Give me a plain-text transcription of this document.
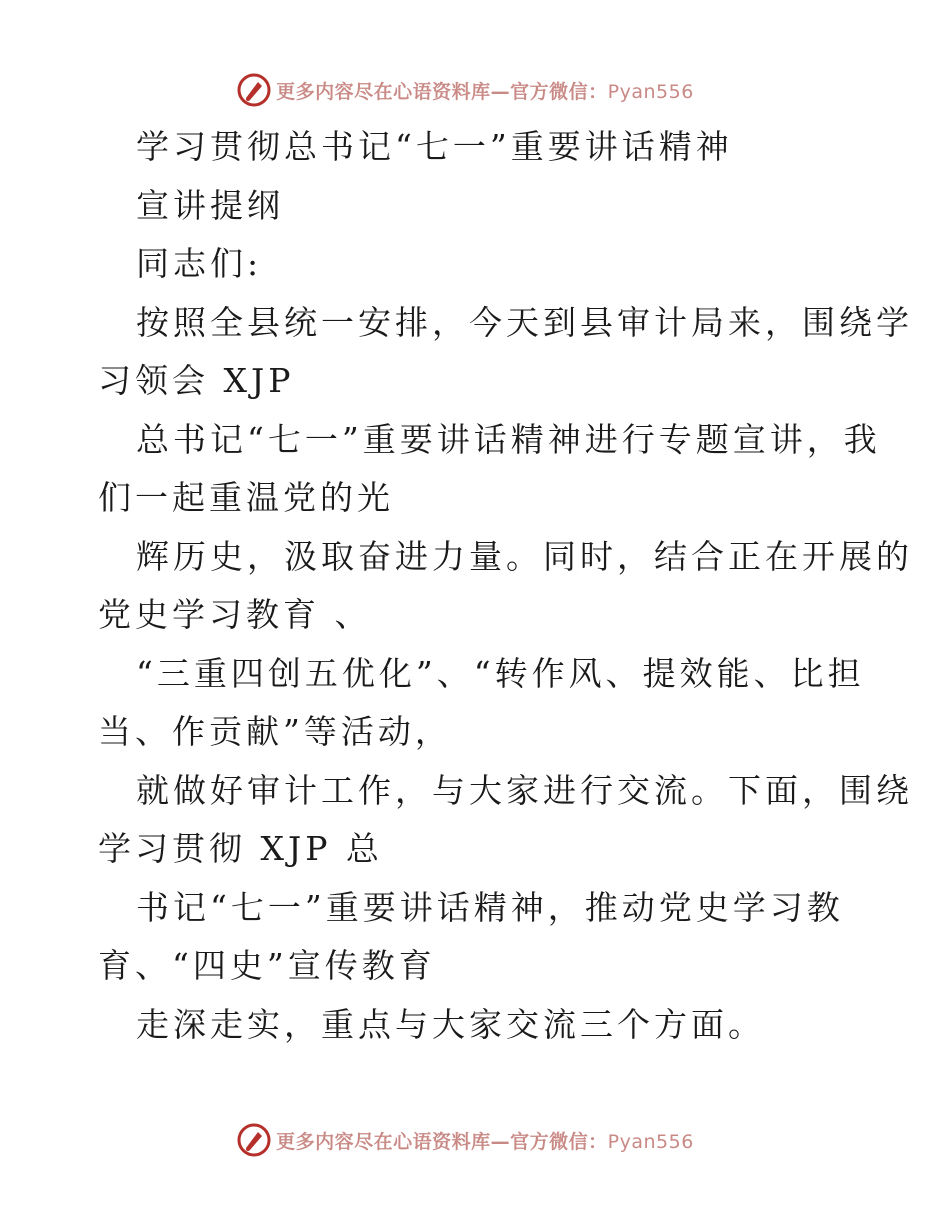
更多内容尽在心语资料库—官方微信：Pyan556
学习贯彻总书记“七一”重要讲话精神
宣讲提纲
同志们:
按照全县统一安排，今天到县审计局来，围绕学
习领会 XJP
总书记“七一”重要讲话精神进行专题宣讲，我
们一起重温党的光
辉历史，汲取奋进力量。同时，结合正在开展的
党史学习教育 、
“三重四创五优化”、“转作风、提效能、比担
当、作贡献”等活动，
就做好审计工作，与大家进行交流。下面，围绕
学习贯彻 XJP 总
书记“七一”重要讲话精神，推动党史学习教
育、“四史”宣传教育
走深走实，重点与大家交流三个方面。
更多内容尽在心语资料库—官方微信：Pyan556
